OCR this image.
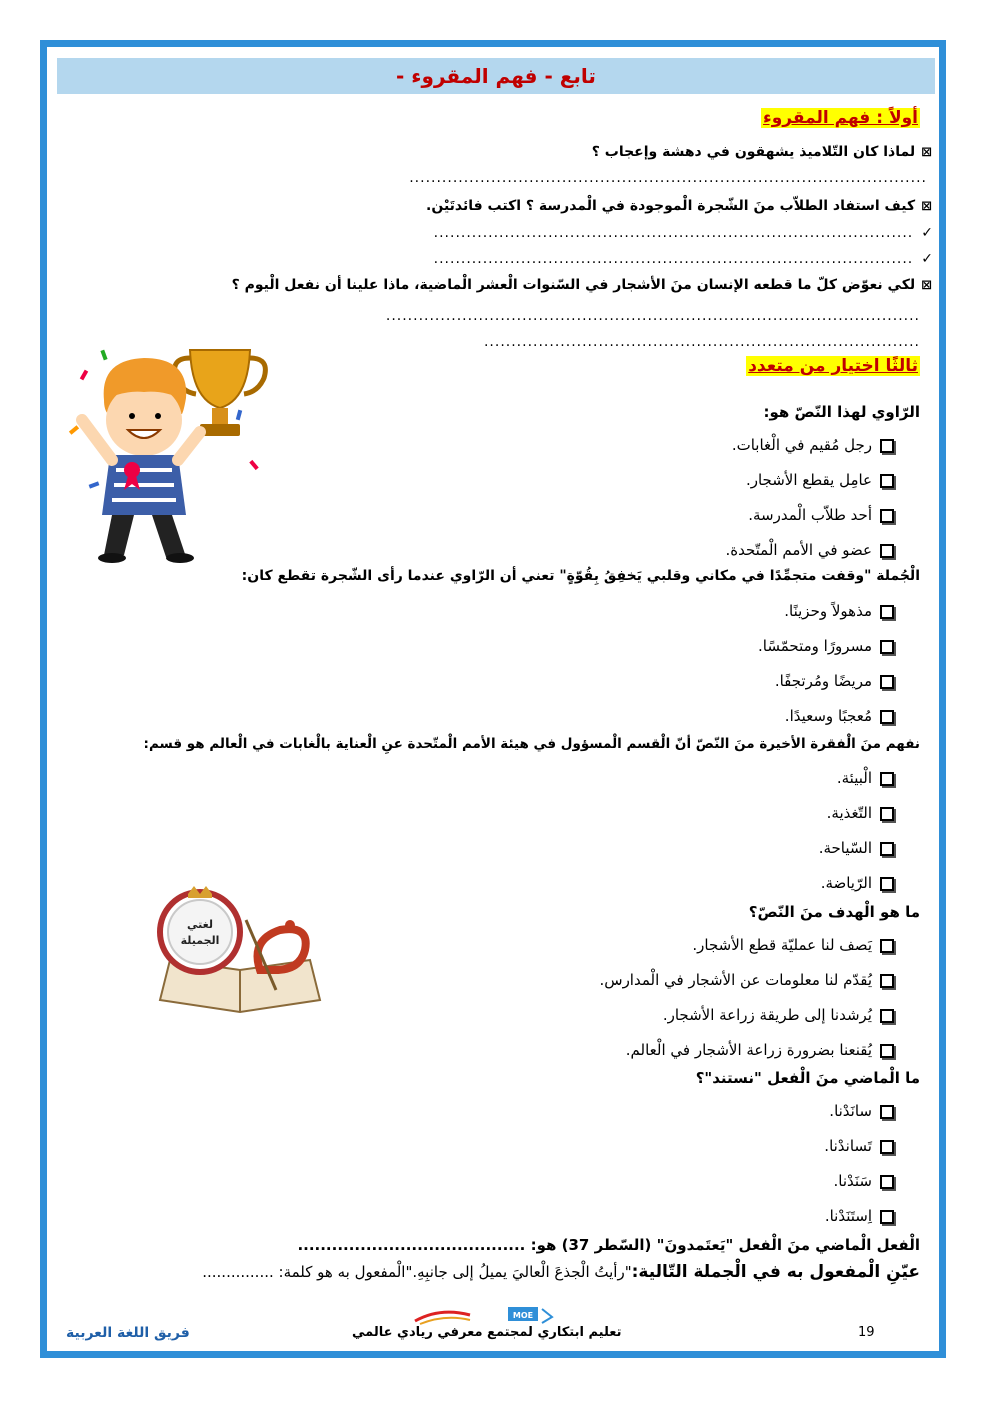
تابع - فهم المقروء -
أولاً : فهم المقروء
⊠لماذا كان التّلاميذ يشهقون في دهشة وإعجاب ؟
...............................................................................................
⊠كيف استفاد الطلاّب منَ الشّجرة الْموجودة في الْمدرسة ؟ اكتب فائدتَيْن.
✓........................................................................................
✓........................................................................................
⊠لكي نعوّض كلّ ما قطعه الإنسان منَ الأشجار في السّنوات الْعشر الْماضية، ماذا علينا أن نفعل الْيوم ؟
..................................................................................................
................................................................................
ثالثًا اختيار من متعدد
الرّاوي لهذا النّصّ هو:
رجل مُقيم في الْغابات.
عامِل يقطع الأشجار.
أحد طلاّب الْمدرسة.
عضو في الأمم الْمتّحدة.
الْجُملة "وقفت متجمِّدًا في مكاني وقلبي يَخفِقُ بِقُوّةٍ" تعني أن الرّاوي عندما رأى الشّجرة تقطع كان:
مذهولاً وحزينًا.
مسرورًا ومتحمّسًا.
مريضًا ومُرتجفًا.
مُعجبًا وسعيدًا.
نفهم منَ الْفقرة الأخيرة منَ النّصّ أنّ الْقسم الْمسؤول في هيئة الأمم الْمتّحدة عنِ الْعناية بالْغابات في الْعالم هو قسم:
الْبيئة.
التّغذية.
السّياحة.
الرّياضة.
لغتي
الجميلة
ما هو الْهدف منَ النّصّ؟
يَصف لنا عمليّة قطع الأشجار.
يُقدّم لنا معلومات عن الأشجار في الْمدارس.
يُرشدنا إلى طريقة زراعة الأشجار.
يُقنعنا بضرورة زراعة الأشجار في الْعالم.
ما الْماضي منَ الْفعل "نستند"؟
سانَدْنا.
تَساندْنا.
سَنَدْنا.
اِستَنَدْنا.
الْفعل الْماضي منَ الْفعل "يَعتَمدونَ" (السّطر 37) هو: ........................................
عيّنِ الْمفعول به في الْجملة التّالية:"رأيتُ الْجذعَ الْعاليَ يميلُ إلى جانبِهِ."الْمفعول به هو كلمة: ...............
MOE
19
تعليم ابتكاري لمجتمع معرفي ريادي عالمي
فريق اللغة العربية
